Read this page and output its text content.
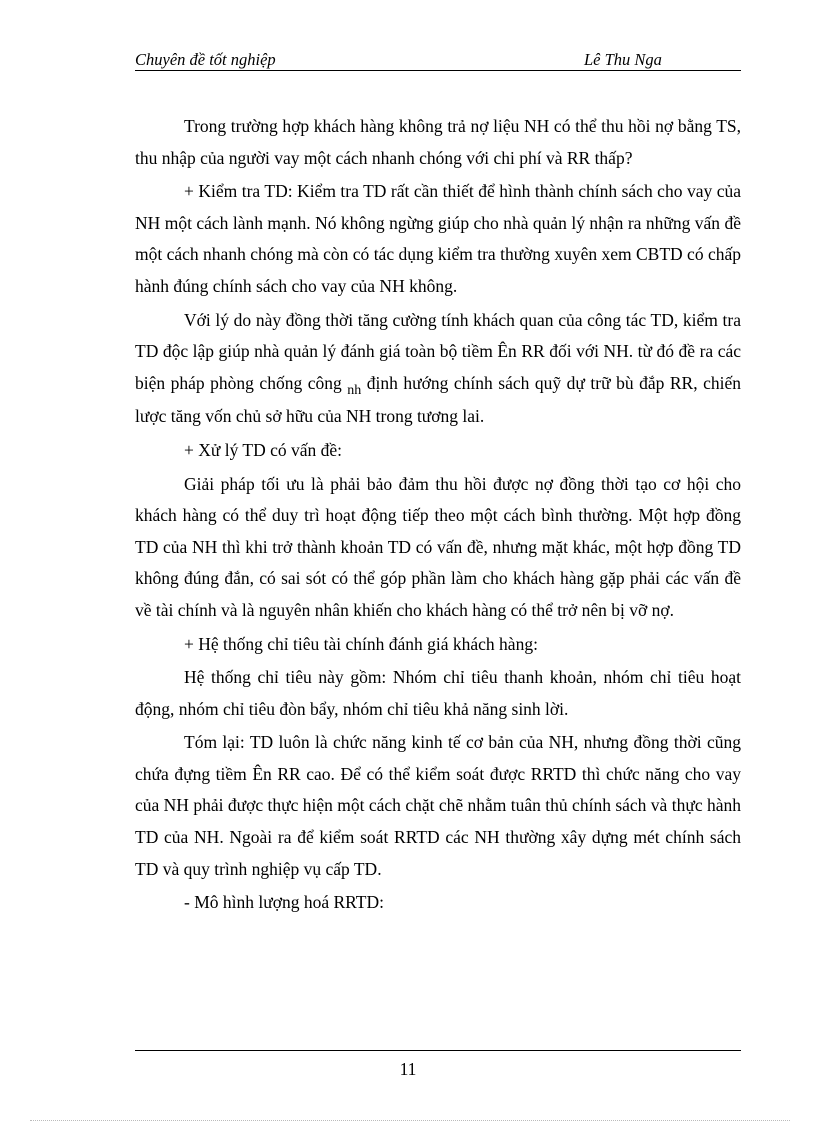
Chuyên đề tốt nghiệp	Lê Thu Nga

Trong trường hợp khách hàng không trả nợ liệu NH có thể thu hồi nợ bằng TS, thu nhập của người vay một cách nhanh chóng với chi phí và RR thấp?

+ Kiểm tra TD: Kiểm tra TD rất cần thiết để hình thành chính sách cho vay của NH một cách lành mạnh. Nó không ngừng giúp cho nhà quản lý nhận ra những vấn đề một cách nhanh chóng mà còn có tác dụng kiểm tra thường xuyên xem CBTD có chấp hành đúng chính sách cho vay của NH không.

Với lý do này đồng thời tăng cường tính khách quan của công tác TD, kiểm tra TD độc lập giúp nhà quản lý đánh giá toàn bộ tiềm Ên RR đối với NH. từ đó đề ra các biện pháp phòng chống công $_{nh}$ định hướng chính sách quỹ dự trữ bù đắp RR, chiến lược tăng vốn chủ sở hữu của NH trong tương lai.

+ Xử lý TD có vấn đề:

Giải pháp tối ưu là phải bảo đảm thu hồi được nợ đồng thời tạo cơ hội cho khách hàng có thể duy trì hoạt động tiếp theo một cách bình thường. Một hợp đồng TD của NH thì khi trở thành khoản TD có vấn đề, nhưng mặt khác, một hợp đồng TD không đúng đắn, có sai sót có thể góp phần làm cho khách hàng gặp phải các vấn đề về tài chính và là nguyên nhân khiến cho khách hàng có thể trở nên bị vỡ nợ.

+ Hệ thống chỉ tiêu tài chính đánh giá khách hàng:

Hệ thống chỉ tiêu này gồm: Nhóm chỉ tiêu thanh khoản, nhóm chỉ tiêu hoạt động, nhóm chỉ tiêu đòn bẩy, nhóm chỉ tiêu khả năng sinh lời.

Tóm lại: TD luôn là chức năng kinh tế cơ bản của NH, nhưng đồng thời cũng chứa đựng tiềm Ên RR cao. Để có thể kiểm soát được RRTD thì chức năng cho vay của NH phải được thực hiện một cách chặt chẽ nhằm tuân thủ chính sách và thực hành TD của NH. Ngoài ra để kiểm soát RRTD các NH thường xây dựng mét chính sách TD và quy trình nghiệp vụ cấp TD.

- Mô hình lượng hoá RRTD:

11
